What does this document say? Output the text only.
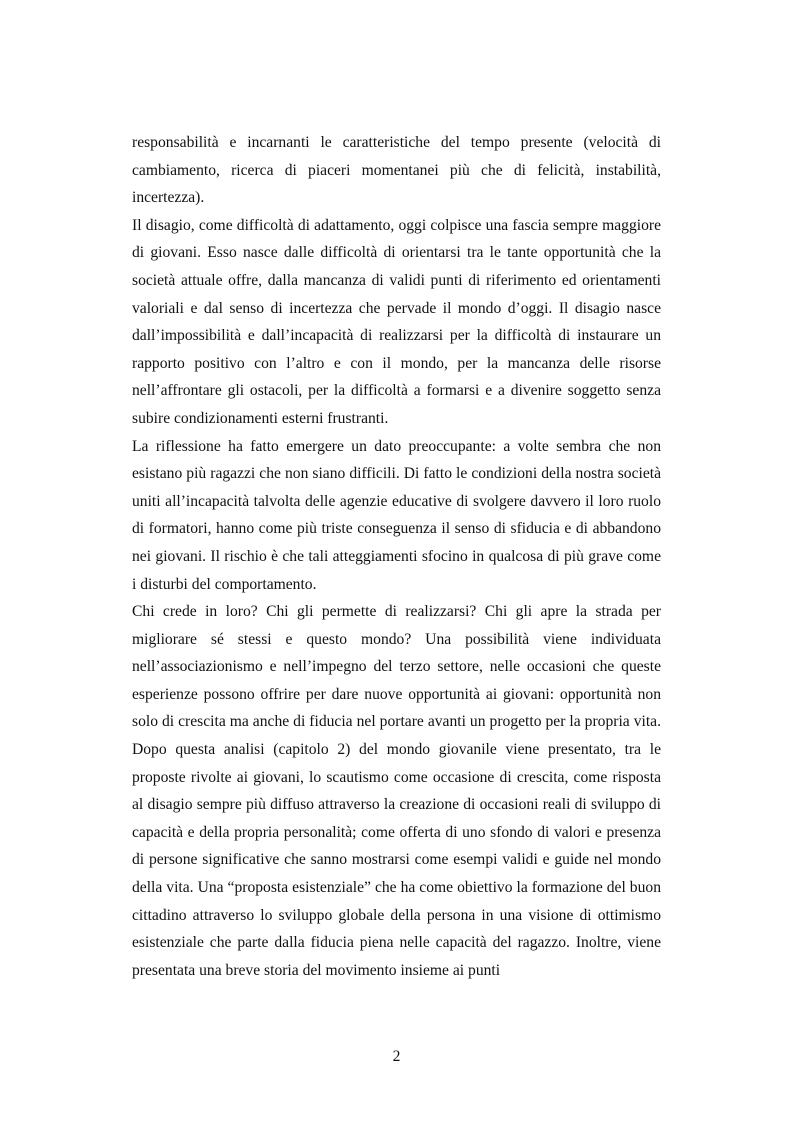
responsabilità e incarnanti le caratteristiche del tempo presente (velocità di cambiamento, ricerca di piaceri momentanei più che di felicità, instabilità, incertezza).

Il disagio, come difficoltà di adattamento, oggi colpisce una fascia sempre maggiore di giovani. Esso nasce dalle difficoltà di orientarsi tra le tante opportunità che la società attuale offre, dalla mancanza di validi punti di riferimento ed orientamenti valoriali e dal senso di incertezza che pervade il mondo d’oggi. Il disagio nasce dall’impossibilità e dall’incapacità di realizzarsi per la difficoltà di instaurare un rapporto positivo con l’altro e con il mondo, per la mancanza delle risorse nell’affrontare gli ostacoli, per la difficoltà a formarsi e a divenire soggetto senza subire condizionamenti esterni frustranti.

La riflessione ha fatto emergere un dato preoccupante: a volte sembra che non esistano più ragazzi che non siano difficili. Di fatto le condizioni della nostra società uniti all’incapacità talvolta delle agenzie educative di svolgere davvero il loro ruolo di formatori, hanno come più triste conseguenza il senso di sfiducia e di abbandono nei giovani. Il rischio è che tali atteggiamenti sfocino in qualcosa di più grave come i disturbi del comportamento.

Chi crede in loro? Chi gli permette di realizzarsi? Chi gli apre la strada per migliorare sé stessi e questo mondo? Una possibilità viene individuata nell’associazionismo e nell’impegno del terzo settore, nelle occasioni che queste esperienze possono offrire per dare nuove opportunità ai giovani: opportunità non solo di crescita ma anche di fiducia nel portare avanti un progetto per la propria vita. Dopo questa analisi (capitolo 2) del mondo giovanile viene presentato, tra le proposte rivolte ai giovani, lo scautismo come occasione di crescita, come risposta al disagio sempre più diffuso attraverso la creazione di occasioni reali di sviluppo di capacità e della propria personalità; come offerta di uno sfondo di valori e presenza di persone significative che sanno mostrarsi come esempi validi e guide nel mondo della vita. Una “proposta esistenziale” che ha come obiettivo la formazione del buon cittadino attraverso lo sviluppo globale della persona in una visione di ottimismo esistenziale che parte dalla fiducia piena nelle capacità del ragazzo. Inoltre, viene presentata una breve storia del movimento insieme ai punti

2
